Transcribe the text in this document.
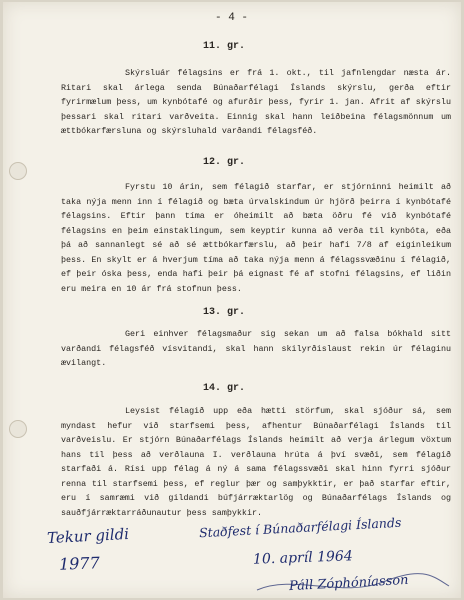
- 4 -
11. gr.
Skýrsluár félagsins er frá 1. okt., til jafnlengdar næsta ár. Ritari skal árlega senda Búnaðarfélagi Íslands skýrslu, gerða eftir fyrirmælum þess, um kynbótafé og afurðir þess, fyrir 1. jan. Afrit af skýrslu þessari skal ritari varðveita. Einnig skal hann leiðbeina félagsmönnum um ættbókarfærsluna og skýrsluhald varðandi félagsféð.
12. gr.
Fyrstu 10 árin, sem félagið starfar, er stjórninni heimilt að taka nýja menn inn í félagið og bæta úrvalskindum úr hjörð þeirra í kynbótafé félagsins. Eftir þann tíma er óheimilt að bæta öðru fé við kynbótafé félagsins en þeim einstaklingum, sem keyptir kunna að verða til kynbóta, eða þá að sannanlegt sé að sé ættbókarfærslu, að þeir hafi 7/8 af eiginleikum þess. En skylt er á hverjum tíma að taka nýja menn á félagssvæðinu í félagið, ef þeir óska þess, enda hafi þeir þá eignast fé af stofni félagsins, ef liðin eru meira en 10 ár frá stofnun þess.
13. gr.
Geri einhver félagsmaður sig sekan um að falsa bókhald sitt varðandi félagsféð vísvitandi, skal hann skilyrðislaust rekin úr félaginu ævilangt.
14. gr.
Leysist félagið upp eða hætti störfum, skal sjóður sá, sem myndast hefur við starfsemi þess, afhentur Búnaðarfélagi Íslands til varðveislu. Er stjórn Búnaðarfélags Íslands heimilt að verja árlegum vöxtum hans til þess að verðlauna I. verðlauna hrúta á því svæði, sem félagið starfaði á. Rísi upp félag á ný á sama félagssvæði skal hinn fyrri sjóður renna til starfsemi þess, ef reglur þær og samþykktir, er það starfar eftir, eru í samræmi við gildandi búfjárræktarlög og Búnaðarfélags Íslands og sauðfjárræktarráðunautur þess samþykkir.
Tekur gildi
1977
Staðfest í Búnaðarfélagi Íslands
10. apríl 1964
Páll Zóphóníasson
